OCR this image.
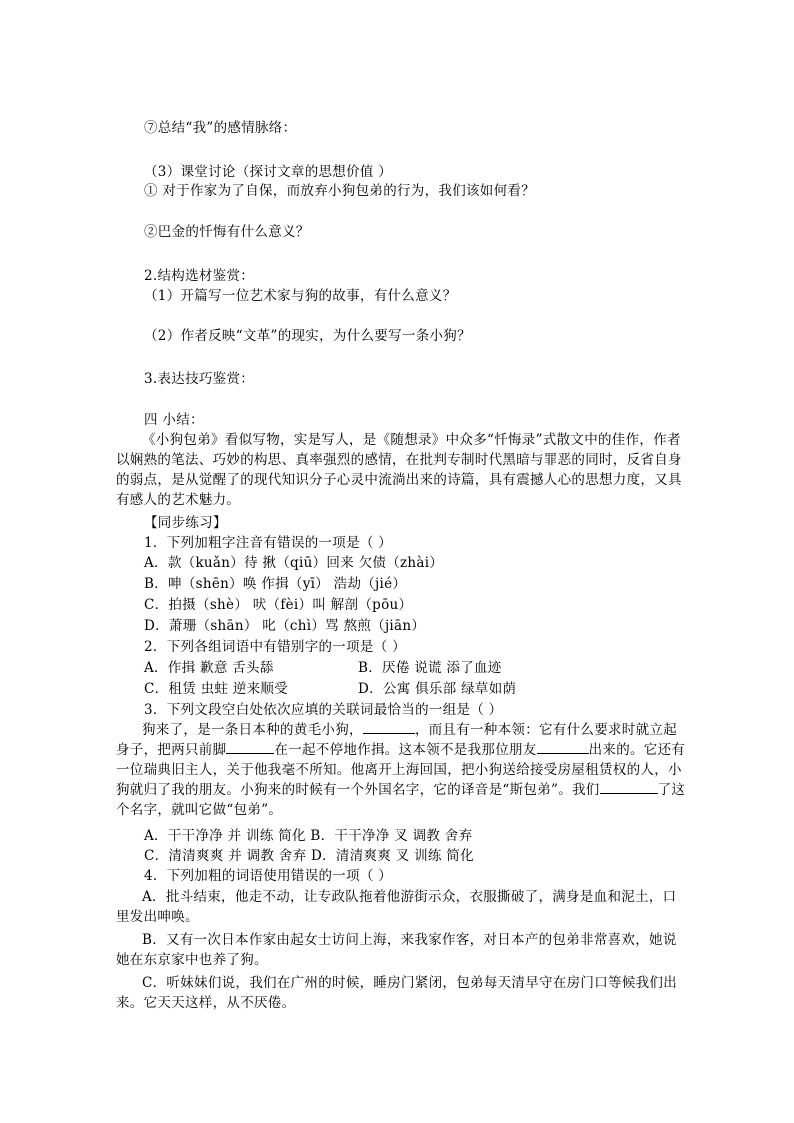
⑦总结“我”的感情脉络：
（3）课堂讨论（探讨文章的思想价值 ）
① 对于作家为了自保，而放弃小狗包弟的行为，我们该如何看？
②巴金的忏悔有什么意义？
2.结构选材鉴赏：
（1）开篇写一位艺术家与狗的故事，有什么意义？
（2）作者反映“文革”的现实，为什么要写一条小狗？
3.表达技巧鉴赏：
四 小结：
《小狗包弟》看似写物，实是写人，是《随想录》中众多“忏悔录”式散文中的佳作，作者以娴熟的笔法、巧妙的构思、真率强烈的感情，在批判专制时代黑暗与罪恶的同时，反省自身的弱点，是从觉醒了的现代知识分子心灵中流淌出来的诗篇，具有震撼人心的思想力度，又具有感人的艺术魅力。
【同步练习】
1．下列加粗字注音有错误的一项是（ ）
A．款（kuǎn）待 揪（qiū）回来 欠债（zhài）
B．呻（shēn）唤 作揖（yī） 浩劫（jié）
C．拍摄（shè） 吠（fèi）叫 解剖（pōu）
D．萧珊（shān） 叱（chì）骂 熬煎（jiān）
2．下列各组词语中有错别字的一项是（ ）
A．作揖 歉意 舌头舔	B．厌倦 说谎 添了血迹
C．租赁 虫蛀 逆来顺受	D．公寓 俱乐部 绿草如荫
3．下列文段空白处依次应填的关联词最恰当的一组是（ ）
狗来了，是一条日本种的黄毛小狗，	，而且有一种本领：它有什么要求时就立起身子，把两只前脚	在一起不停地作揖。这本领不是我那位朋友	出来的。它还有一位瑞典旧主人，关于他我毫不所知。他离开上海回国，把小狗送给接受房屋租赁权的人，小狗就归了我的朋友。小狗来的时候有一个外国名字，它的译音是“斯包弟”。我们	了这个名字，就叫它做“包弟”。
A．干干净净 并 训练 简化 B．干干净净 叉 调教 舍弃
C．清清爽爽 并 调教 舍弃 D．清清爽爽 叉 训练 简化
4．下列加粗的词语使用错误的一项（ ）
A．批斗结束，他走不动，让专政队拖着他游街示众，衣服撕破了，满身是血和泥土，口里发出呻唤。
B．又有一次日本作家由起女士访问上海，来我家作客，对日本产的包弟非常喜欢，她说她在东京家中也养了狗。
C．听妹妹们说，我们在广州的时候，睡房门紧闭，包弟每天清早守在房门口等候我们出来。它天天这样，从不厌倦。
